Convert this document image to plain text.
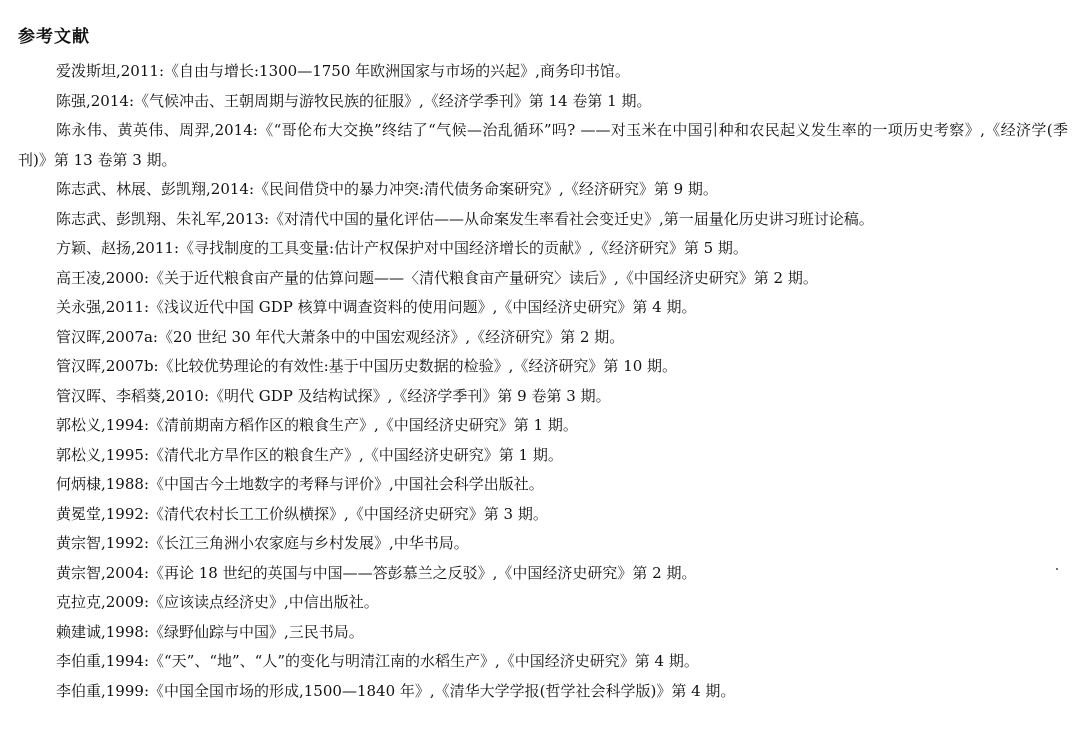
参考文献
爱泼斯坦,2011:《自由与增长:1300—1750 年欧洲国家与市场的兴起》,商务印书馆。
陈强,2014:《气候冲击、王朝周期与游牧民族的征服》,《经济学季刊》第 14 卷第 1 期。
陈永伟、黄英伟、周羿,2014:《“哥伦布大交换”终结了“气候—治乱循环”吗? ——对玉米在中国引种和农民起义发生率的一项历史考察》,《经济学(季刊)》第 13 卷第 3 期。
陈志武、林展、彭凯翔,2014:《民间借贷中的暴力冲突:清代债务命案研究》,《经济研究》第 9 期。
陈志武、彭凯翔、朱礼军,2013:《对清代中国的量化评估——从命案发生率看社会变迁史》,第一届量化历史讲习班讨论稿。
方颖、赵扬,2011:《寻找制度的工具变量:估计产权保护对中国经济增长的贡献》,《经济研究》第 5 期。
高王凌,2000:《关于近代粮食亩产量的估算问题——〈清代粮食亩产量研究〉读后》,《中国经济史研究》第 2 期。
关永强,2011:《浅议近代中国 GDP 核算中调查资料的使用问题》,《中国经济史研究》第 4 期。
管汉晖,2007a:《20 世纪 30 年代大萧条中的中国宏观经济》,《经济研究》第 2 期。
管汉晖,2007b:《比较优势理论的有效性:基于中国历史数据的检验》,《经济研究》第 10 期。
管汉晖、李稻葵,2010:《明代 GDP 及结构试探》,《经济学季刊》第 9 卷第 3 期。
郭松义,1994:《清前期南方稻作区的粮食生产》,《中国经济史研究》第 1 期。
郭松义,1995:《清代北方旱作区的粮食生产》,《中国经济史研究》第 1 期。
何炳棣,1988:《中国古今土地数字的考释与评价》,中国社会科学出版社。
黄冕堂,1992:《清代农村长工工价纵横探》,《中国经济史研究》第 3 期。
黄宗智,1992:《长江三角洲小农家庭与乡村发展》,中华书局。
黄宗智,2004:《再论 18 世纪的英国与中国——答彭慕兰之反驳》,《中国经济史研究》第 2 期。
克拉克,2009:《应该读点经济史》,中信出版社。
赖建诚,1998:《绿野仙踪与中国》,三民书局。
李伯重,1994:《“天”、“地”、“人”的变化与明清江南的水稻生产》,《中国经济史研究》第 4 期。
李伯重,1999:《中国全国市场的形成,1500—1840 年》,《清华大学学报(哲学社会科学版)》第 4 期。
